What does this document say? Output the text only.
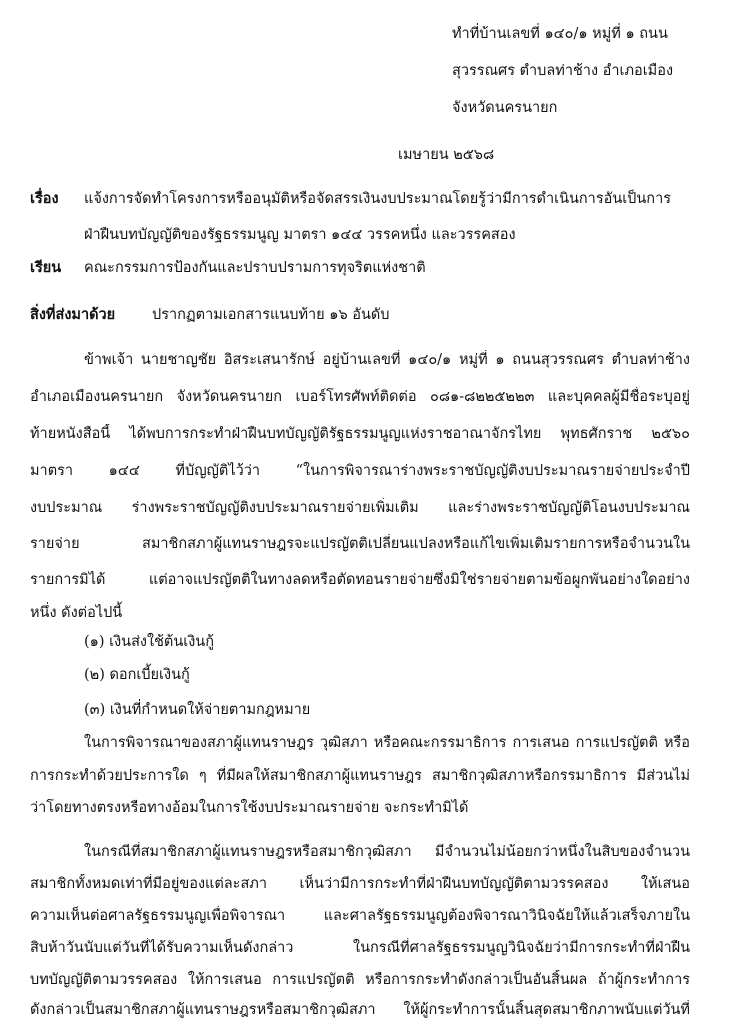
ทำที่บ้านเลขที่ ๑๔๐/๑ หมู่ที่ ๑ ถนน
สุวรรณศร ตำบลท่าช้าง อำเภอเมือง
จังหวัดนครนายก
เมษายน ๒๕๖๘
เรื่อง แจ้งการจัดทำโครงการหรืออนุมัติหรือจัดสรรเงินงบประมาณโดยรู้ว่ามีการดำเนินการอันเป็นการ
ฝ่าฝืนบทบัญญัติของรัฐธรรมนูญ มาตรา ๑๔๔ วรรคหนึ่ง และวรรคสอง
เรียน คณะกรรมการป้องกันและปราบปรามการทุจริตแห่งชาติ
สิ่งที่ส่งมาด้วย	ปรากฏตามเอกสารแนบท้าย ๑๖ อันดับ
ข้าพเจ้า นายชาญชัย อิสระเสนารักษ์ อยู่บ้านเลขที่ ๑๔๐/๑ หมู่ที่ ๑ ถนนสุวรรณศร ตำบลท่าช้าง
อำเภอเมืองนครนายก จังหวัดนครนายก เบอร์โทรศัพท์ติดต่อ ๐๘๑-๘๒๒๕๒๒๓ และบุคคลผู้มีชื่อระบุอยู่
ท้ายหนังสือนี้ ได้พบการกระทำฝ่าฝืนบทบัญญัติรัฐธรรมนูญแห่งราชอาณาจักรไทย พุทธศักราช ๒๕๖๐
มาตรา ๑๔๔ ที่บัญญัติไว้ว่า “ในการพิจารณาร่างพระราชบัญญัติงบประมาณรายจ่ายประจำปี
งบประมาณ ร่างพระราชบัญญัติงบประมาณรายจ่ายเพิ่มเติม และร่างพระราชบัญญัติโอนงบประมาณ
รายจ่าย สมาชิกสภาผู้แทนราษฎรจะแปรญัตติเปลี่ยนแปลงหรือแก้ไขเพิ่มเติมรายการหรือจำนวนใน
รายการมิได้ แต่อาจแปรญัตติในทางลดหรือตัดทอนรายจ่ายซึ่งมิใช่รายจ่ายตามข้อผูกพันอย่างใดอย่าง
หนึ่ง ดังต่อไปนี้
(๑) เงินส่งใช้ต้นเงินกู้
(๒) ดอกเบี้ยเงินกู้
(๓) เงินที่กำหนดให้จ่ายตามกฎหมาย
ในการพิจารณาของสภาผู้แทนราษฎร วุฒิสภา หรือคณะกรรมาธิการ การเสนอ การแปรญัตติ หรือ
การกระทำด้วยประการใด ๆ ที่มีผลให้สมาชิกสภาผู้แทนราษฎร สมาชิกวุฒิสภาหรือกรรมาธิการ มีส่วนไม่
ว่าโดยทางตรงหรือทางอ้อมในการใช้งบประมาณรายจ่าย จะกระทำมิได้
ในกรณีที่สมาชิกสภาผู้แทนราษฎรหรือสมาชิกวุฒิสภา มีจำนวนไม่น้อยกว่าหนึ่งในสิบของจำนวน
สมาชิกทั้งหมดเท่าที่มีอยู่ของแต่ละสภา เห็นว่ามีการกระทำที่ฝ่าฝืนบทบัญญัติตามวรรคสอง ให้เสนอ
ความเห็นต่อศาลรัฐธรรมนูญเพื่อพิจารณา และศาลรัฐธรรมนูญต้องพิจารณาวินิจฉัยให้แล้วเสร็จภายใน
สิบห้าวันนับแต่วันที่ได้รับความเห็นดังกล่าว ในกรณีที่ศาลรัฐธรรมนูญวินิจฉัยว่ามีการกระทำที่ฝ่าฝืน
บทบัญญัติตามวรรคสอง ให้การเสนอ การแปรญัตติ หรือการกระทำดังกล่าวเป็นอันสิ้นผล ถ้าผู้กระทำการ
ดังกล่าวเป็นสมาชิกสภาผู้แทนราษฎรหรือสมาชิกวุฒิสภา ให้ผู้กระทำการนั้นสิ้นสุดสมาชิกภาพนับแต่วันที่
